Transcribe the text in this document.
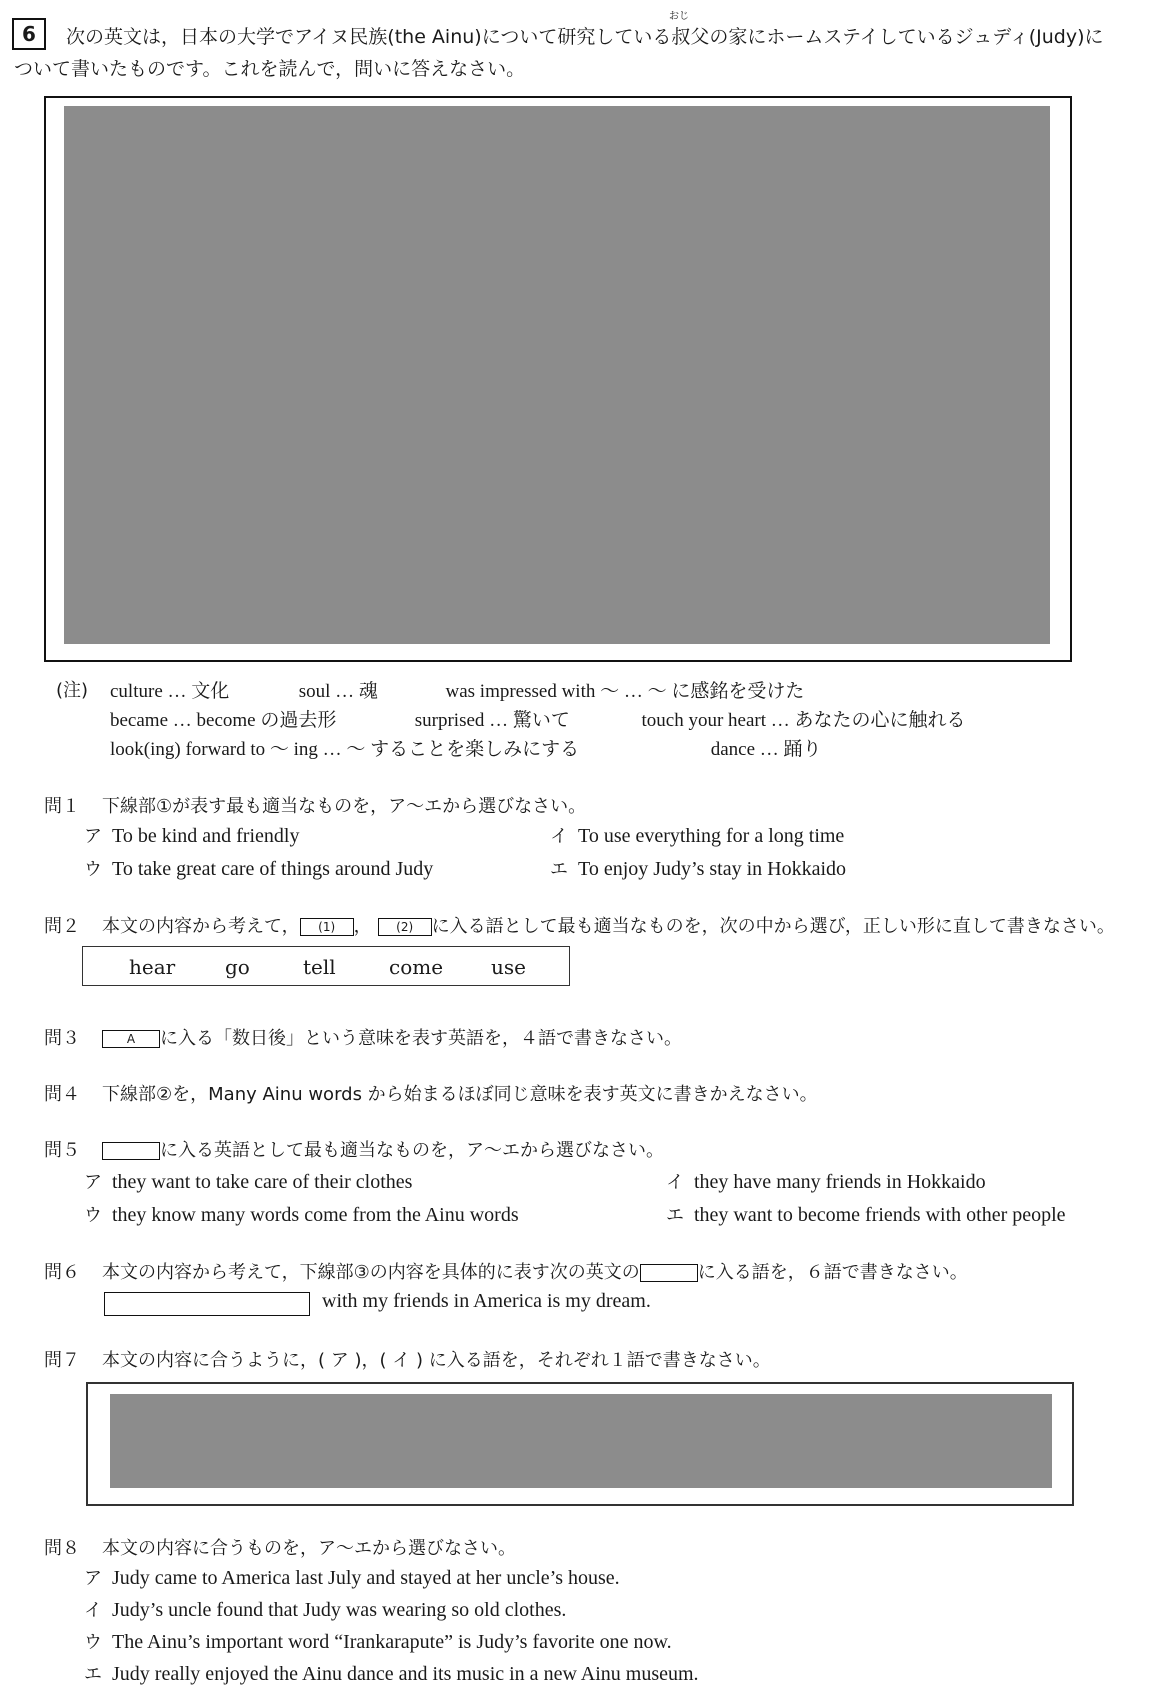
6
おじ
次の英文は，日本の大学でアイヌ民族(the Ainu)について研究している叔父の家にホームステイしているジュディ(Judy)に
ついて書いたものです。これを読んで，問いに答えなさい。
(注) culture … 文化	soul … 魂	was impressed with ～ … ～ に感銘を受けた
became … become の過去形	surprised … 驚いて	touch your heart … あなたの心に触れる
look(ing) forward to ～ ing … ～ することを楽しみにする	dance … 踊り
問１ 下線部①が表す最も適当なものを，ア～エから選びなさい。
ア To be kind and friendly	イ To use everything for a long time
ウ To take great care of things around Judy	エ To enjoy Judy’s stay in Hokkaido
問２ 本文の内容から考えて， (1) ， (2) に入る語として最も適当なものを，次の中から選び，正しい形に直して書きなさい。
hear go	tell	come use
問３	A に入る「数日後」という意味を表す英語を，４語で書きなさい。
問４ 下線部②を，Many Ainu words から始まるほぼ同じ意味を表す英文に書きかえなさい。
問５	に入る英語として最も適当なものを，ア～エから選びなさい。
ア they want to take care of their clothes	イ they have many friends in Hokkaido
ウ they know many words come from the Ainu words	エ they want to become friends with other people
問６ 本文の内容から考えて，下線部③の内容を具体的に表す次の英文の	に入る語を，６語で書きなさい。
with my friends in America is my dream.
問７ 本文の内容に合うように，( ア )，( イ ) に入る語を，それぞれ１語で書きなさい。
問８ 本文の内容に合うものを，ア～エから選びなさい。
ア Judy came to America last July and stayed at her uncle’s house.
イ Judy’s uncle found that Judy was wearing so old clothes.
ウ The Ainu’s important word “Irankarapute” is Judy’s favorite one now.
エ Judy really enjoyed the Ainu dance and its music in a new Ainu museum.
